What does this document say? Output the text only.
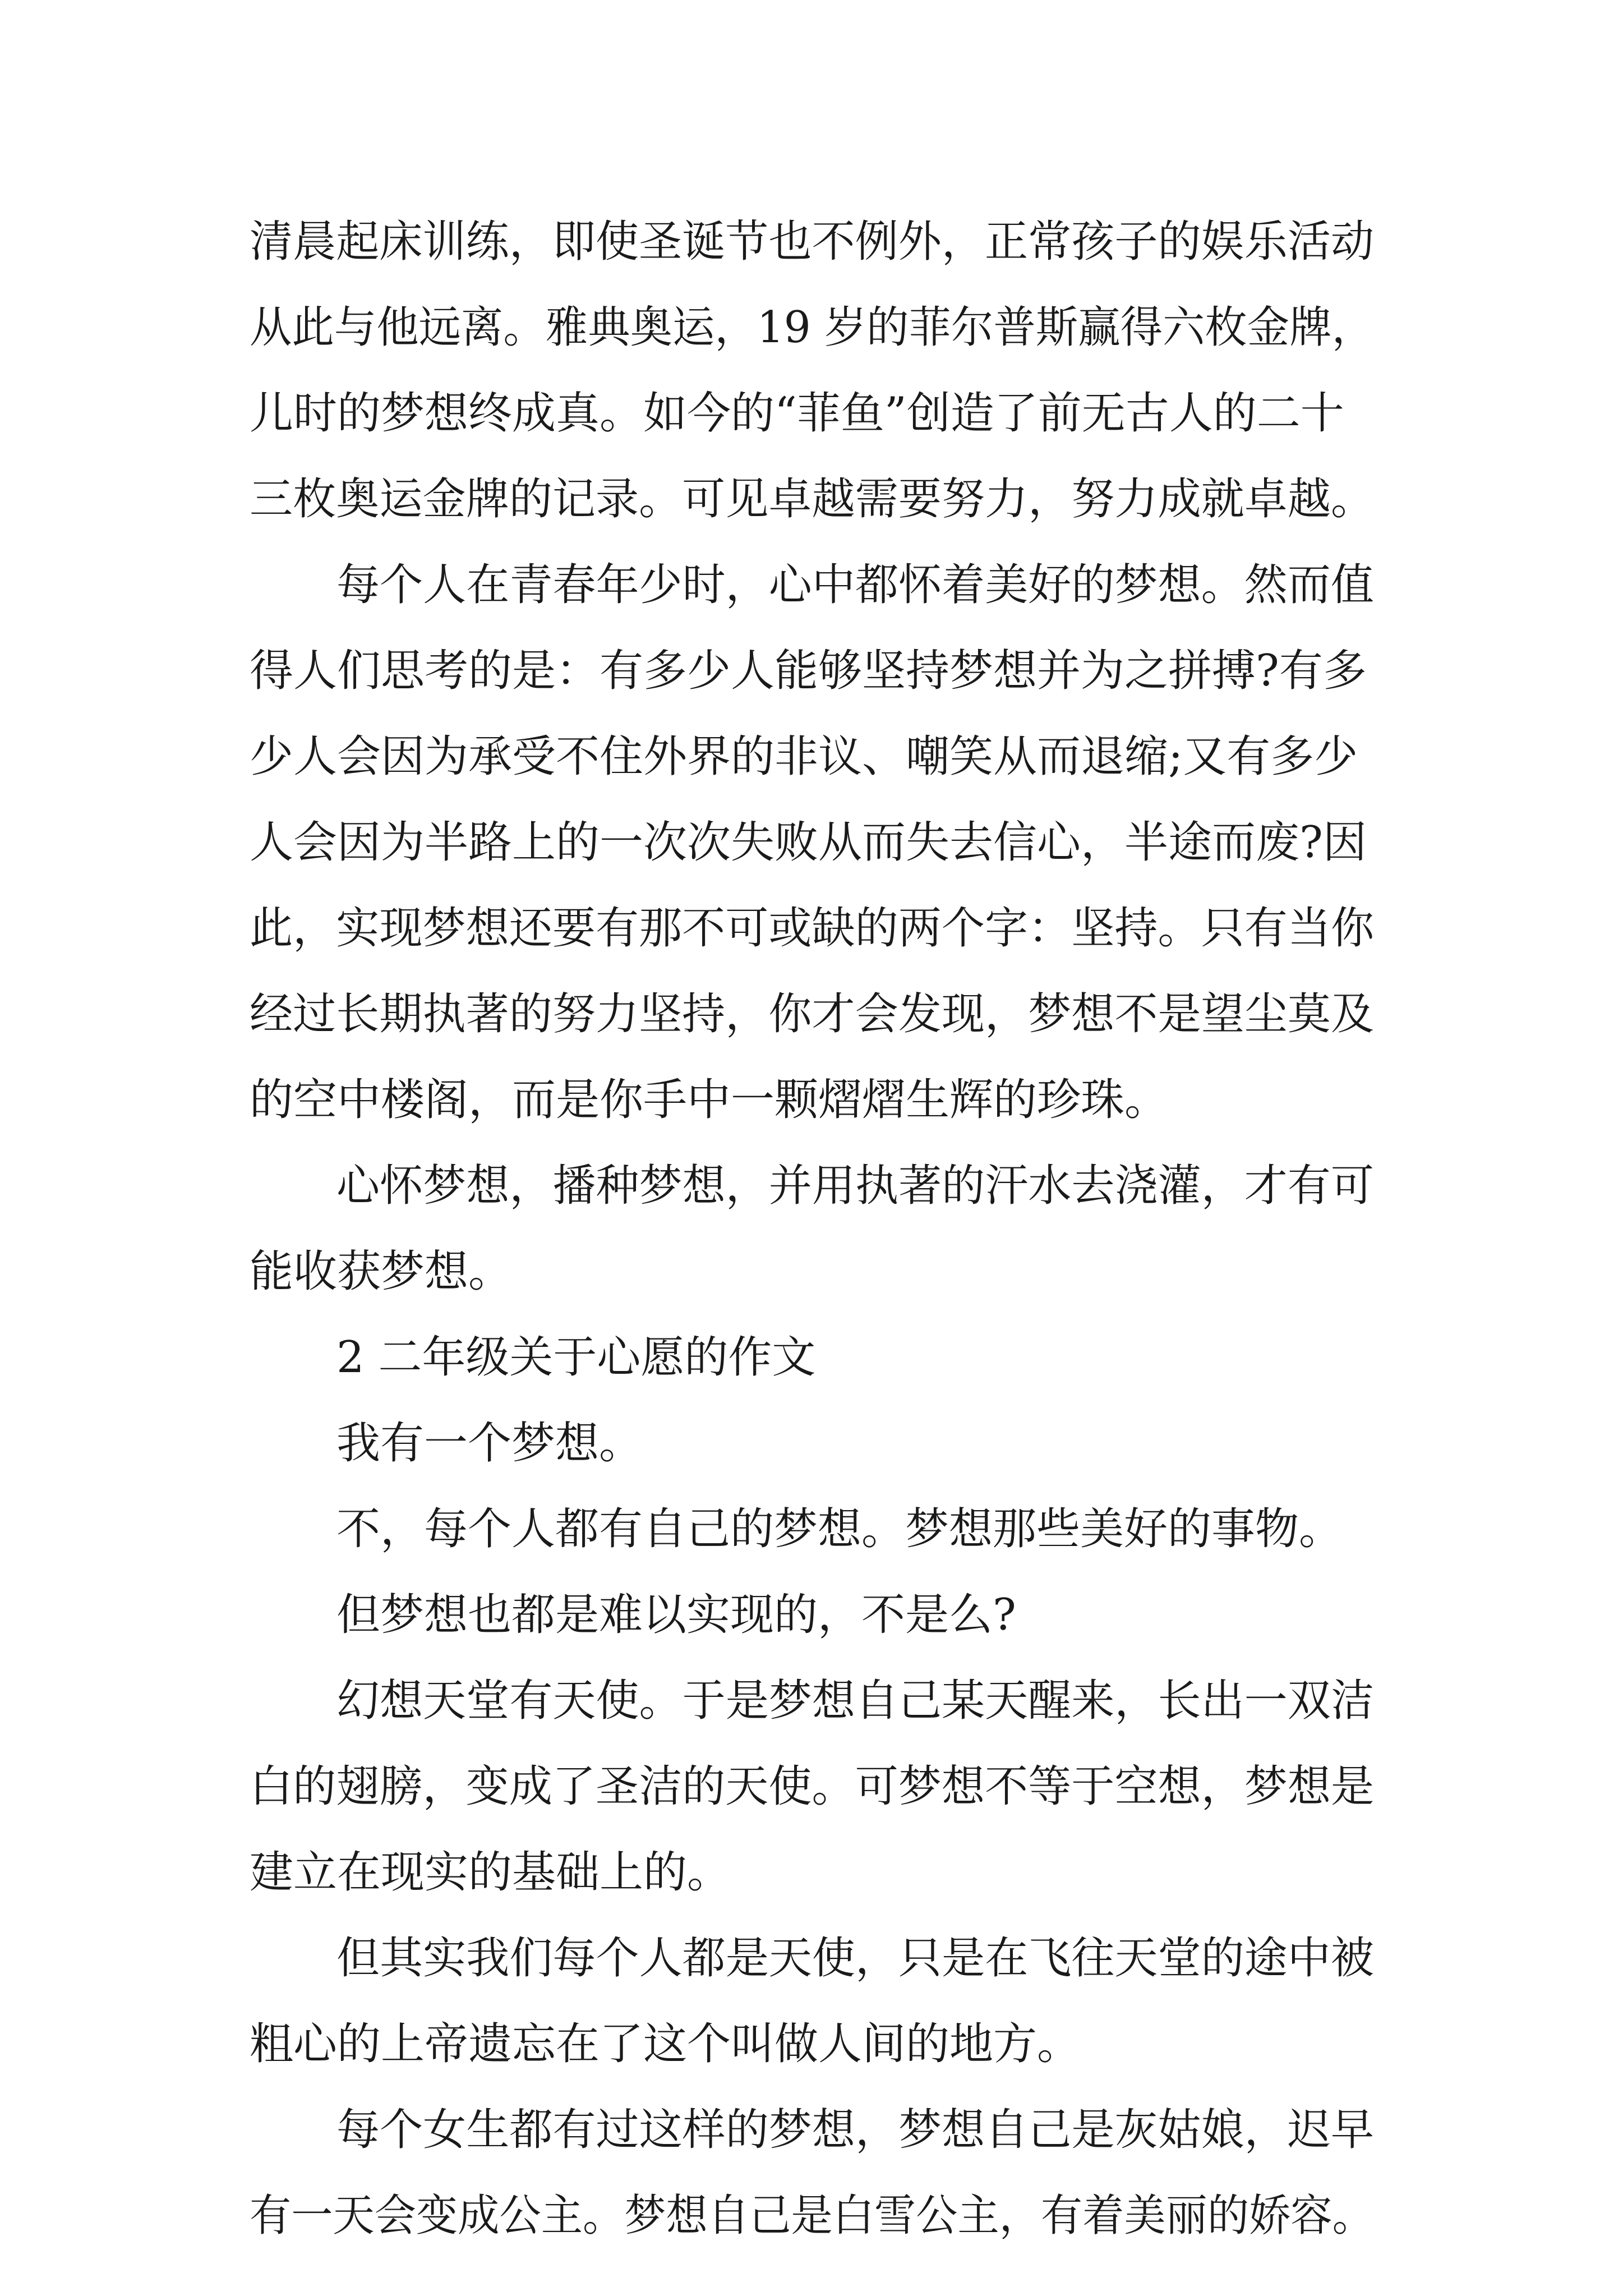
清晨起床训练，即使圣诞节也不例外，正常孩子的娱乐活动
从此与他远离。雅典奥运，19 岁的菲尔普斯赢得六枚金牌，
儿时的梦想终成真。如今的“菲鱼”创造了前无古人的二十
三枚奥运金牌的记录。可见卓越需要努力，努力成就卓越。
每个人在青春年少时，心中都怀着美好的梦想。然而值
得人们思考的是：有多少人能够坚持梦想并为之拼搏?有多
少人会因为承受不住外界的非议、嘲笑从而退缩;又有多少
人会因为半路上的一次次失败从而失去信心，半途而废?因
此，实现梦想还要有那不可或缺的两个字：坚持。只有当你
经过长期执著的努力坚持，你才会发现，梦想不是望尘莫及
的空中楼阁，而是你手中一颗熠熠生辉的珍珠。
心怀梦想，播种梦想，并用执著的汗水去浇灌，才有可
能收获梦想。
2 二年级关于心愿的作文
我有一个梦想。
不，每个人都有自己的梦想。梦想那些美好的事物。
但梦想也都是难以实现的，不是么?
幻想天堂有天使。于是梦想自己某天醒来，长出一双洁
白的翅膀，变成了圣洁的天使。可梦想不等于空想，梦想是
建立在现实的基础上的。
但其实我们每个人都是天使，只是在飞往天堂的途中被
粗心的上帝遗忘在了这个叫做人间的地方。
每个女生都有过这样的梦想，梦想自己是灰姑娘，迟早
有一天会变成公主。梦想自己是白雪公主，有着美丽的娇容。
